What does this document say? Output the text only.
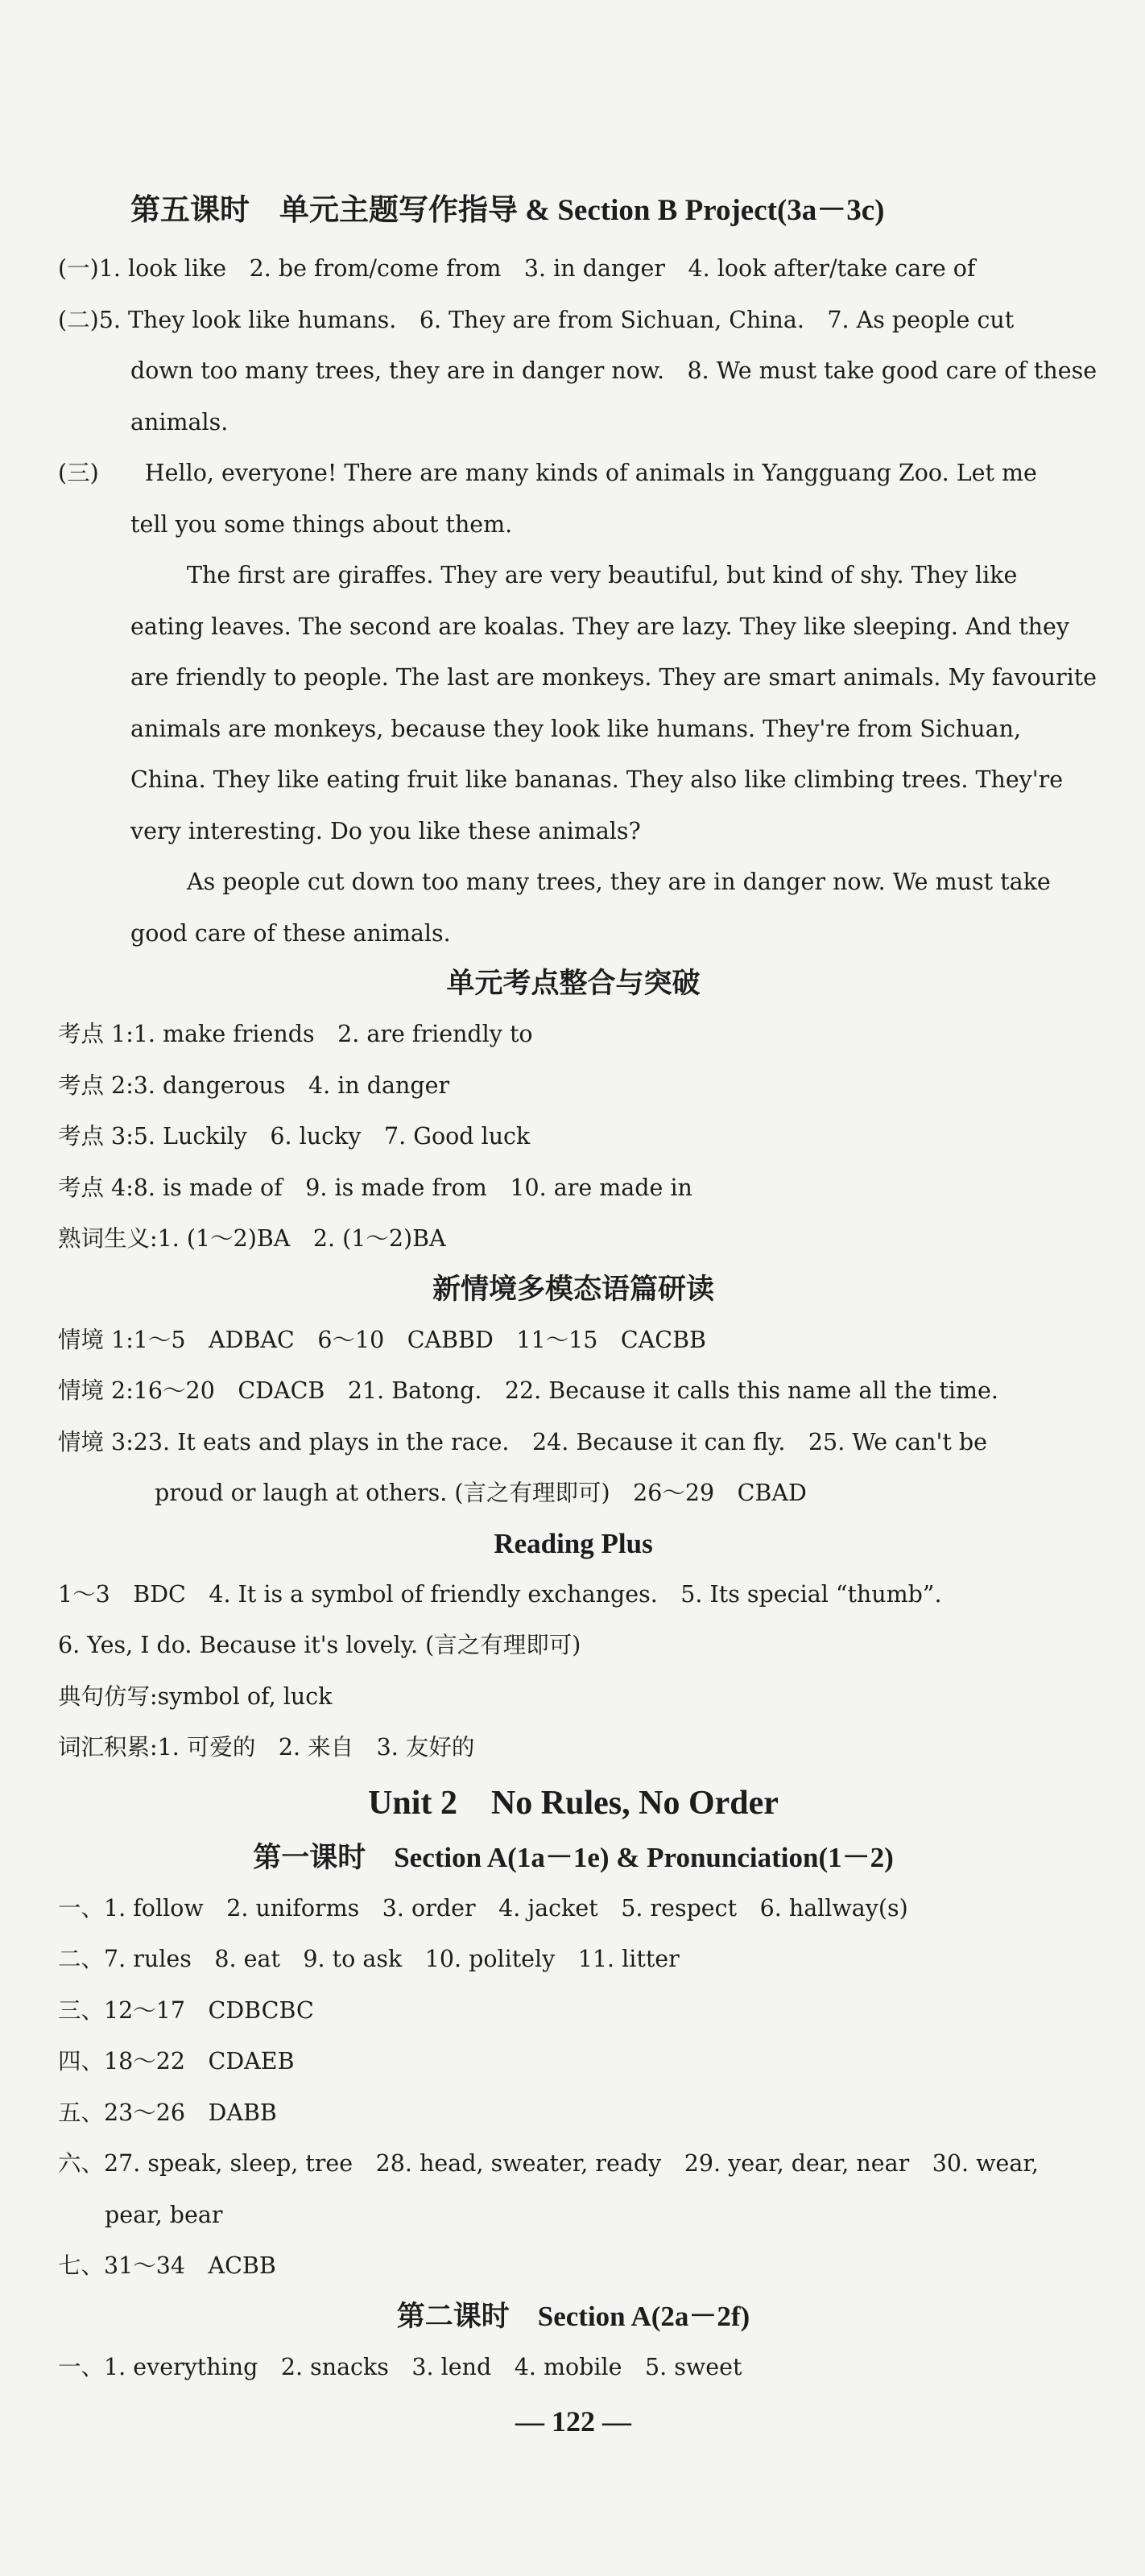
第五课时　单元主题写作指导 & Section B Project(3a－3c)
(一)1. look like　2. be from/come from　3. in danger　4. look after/take care of
(二)5. They look like humans.　6. They are from Sichuan, China.　7. As people cut
down too many trees, they are in danger now.　8. We must take good care of these
animals.
(三)　　Hello, everyone! There are many kinds of animals in Yangguang Zoo. Let me
tell you some things about them.
The first are giraffes. They are very beautiful, but kind of shy. They like
eating leaves. The second are koalas. They are lazy. They like sleeping. And they
are friendly to people. The last are monkeys. They are smart animals. My favourite
animals are monkeys, because they look like humans. They're from Sichuan,
China. They like eating fruit like bananas. They also like climbing trees. They're
very interesting. Do you like these animals?
As people cut down too many trees, they are in danger now. We must take
good care of these animals.
单元考点整合与突破
考点 1:1. make friends　2. are friendly to
考点 2:3. dangerous　4. in danger
考点 3:5. Luckily　6. lucky　7. Good luck
考点 4:8. is made of　9. is made from　10. are made in
熟词生义:1. (1～2)BA　2. (1～2)BA
新情境多模态语篇研读
情境 1:1～5　ADBAC　6～10　CABBD　11～15　CACBB
情境 2:16～20　CDACB　21. Batong.　22. Because it calls this name all the time.
情境 3:23. It eats and plays in the race.　24. Because it can fly.　25. We can't be
proud or laugh at others. (言之有理即可)　26～29　CBAD
Reading Plus
1～3　BDC　4. It is a symbol of friendly exchanges.　5. Its special “thumb”.
6. Yes, I do. Because it's lovely. (言之有理即可)
典句仿写:symbol of, luck
词汇积累:1. 可爱的　2. 来自　3. 友好的
Unit 2　No Rules, No Order
第一课时　Section A(1a－1e) & Pronunciation(1－2)
一、1. follow　2. uniforms　3. order　4. jacket　5. respect　6. hallway(s)
二、7. rules　8. eat　9. to ask　10. politely　11. litter
三、12～17　CDBCBC
四、18～22　CDAEB
五、23～26　DABB
六、27. speak, sleep, tree　28. head, sweater, ready　29. year, dear, near　30. wear,
pear, bear
七、31～34　ACBB
第二课时　Section A(2a－2f)
一、1. everything　2. snacks　3. lend　4. mobile　5. sweet
— 122 —
